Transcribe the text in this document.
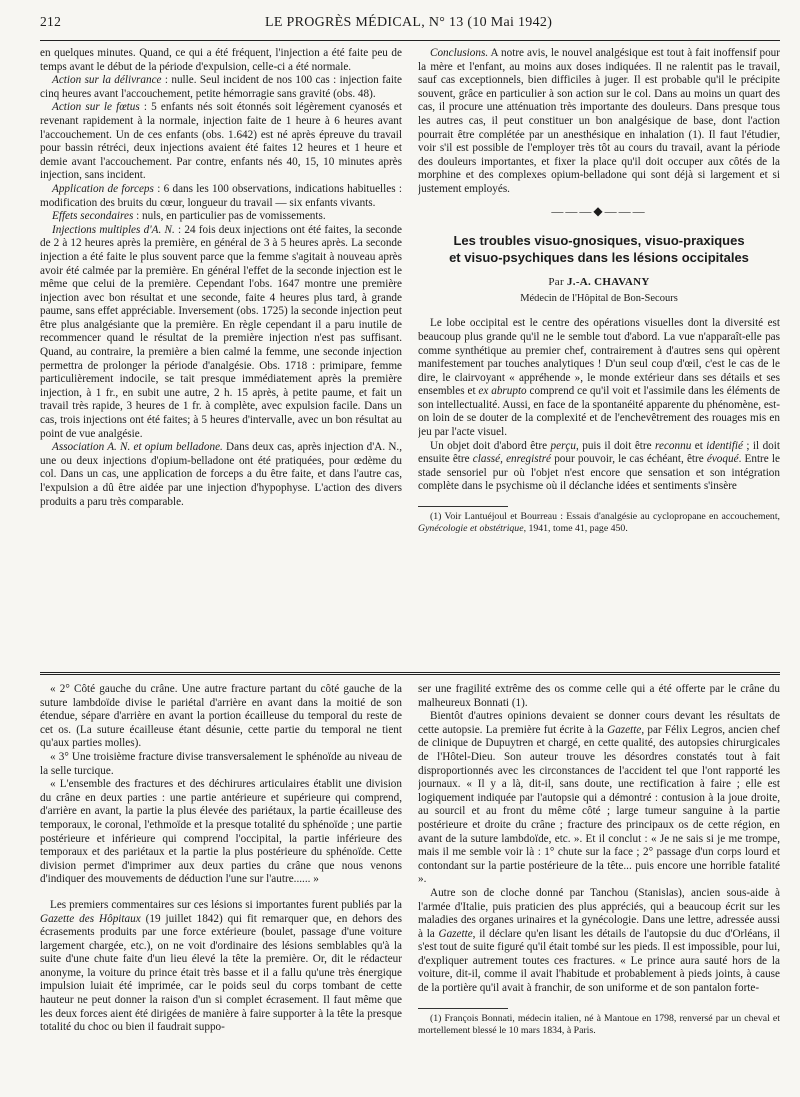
212	LE PROGRÈS MÉDICAL, N° 13 (10 Mai 1942)

en quelques minutes. Quand, ce qui a été fréquent, l'injection a été faite peu de temps avant le début de la période d'expulsion, celle-ci a été normale.

Action sur la délivrance : nulle. Seul incident de nos 100 cas : injection faite cinq heures avant l'accouchement, petite hémorragie sans gravité (obs. 48).

Action sur le fœtus : 5 enfants nés soit étonnés soit légèrement cyanosés et revenant rapidement à la normale, injection faite de 1 heure à 6 heures avant l'accouchement. Un de ces enfants (obs. 1.642) est né après épreuve du travail pour bassin rétréci, deux injections avaient été faites 12 heures et 1 heure et demie avant l'accouchement. Par contre, enfants nés 40, 15, 10 minutes après injection, sans incident.

Application de forceps : 6 dans les 100 observations, indications habituelles : modification des bruits du cœur, longueur du travail — six enfants vivants.

Effets secondaires : nuls, en particulier pas de vomissements.

Injections multiples d'A. N. : 24 fois deux injections ont été faites, la seconde de 2 à 12 heures après la première, en général de 3 à 5 heures après. La seconde injection a été faite le plus souvent parce que la femme s'agitait à nouveau après avoir été calmée par la première. En général l'effet de la seconde injection est le même que celui de la première. Cependant l'obs. 1647 montre une première injection avec bon résultat et une seconde, faite 4 heures plus tard, à grande paume, sans effet appréciable. Inversement (obs. 1725) la seconde injection peut être plus analgésiante que la première. En règle cependant il a paru inutile de recommencer quand le résultat de la première injection n'est pas suffisant. Quand, au contraire, la première a bien calmé la femme, une seconde injection permettra de prolonger la période d'analgésie. Obs. 1718 : primipare, femme particulièrement indocile, se tait presque immédiatement après la première injection, à 1 fr., en subit une autre, 2 h. 15 après, à petite paume, et fait un travail très rapide, 3 heures de 1 fr. à complète, avec expulsion facile. Dans un cas, trois injections ont été faites; à 5 heures d'intervalle, avec un bon résultat au point de vue analgésie.

Association A. N. et opium belladone. Dans deux cas, après injection d'A. N., une ou deux injections d'opium-belladone ont été pratiquées, pour œdème du col. Dans un cas, une application de forceps a du être faite, et dans l'autre cas, l'expulsion a dû être aidée par une injection d'hypophyse. L'action des divers produits a paru très comparable.

Conclusions. A notre avis, le nouvel analgésique est tout à fait inoffensif pour la mère et l'enfant, au moins aux doses indiquées. Il ne ralentit pas le travail, sauf cas exceptionnels, bien difficiles à juger. Il est probable qu'il le précipite souvent, grâce en particulier à son action sur le col. Dans au moins un quart des cas, il procure une atténuation très importante des douleurs. Dans presque tous les autres cas, il peut constituer un bon analgésique de base, dont l'action pourrait être complétée par un anesthésique en inhalation (1). Il faut l'étudier, voir s'il est possible de l'employer très tôt au cours du travail, avant la période des douleurs importantes, et fixer la place qu'il doit occuper aux côtés de la morphine et des complexes opium-belladone qui sont déjà si largement et si justement employés.

———◆———
Les troubles visuo-gnosiques, visuo-praxiques
et visuo-psychiques dans les lésions occipitales
Par J.-A. CHAVANY
Médecin de l'Hôpital de Bon-Secours

Le lobe occipital est le centre des opérations visuelles dont la diversité est beaucoup plus grande qu'il ne le semble tout d'abord. La vue n'apparaît-elle pas comme synthétique au premier chef, contrairement à d'autres sens qui opèrent manifestement par touches analytiques ! D'un seul coup d'œil, c'est le cas de le dire, le clairvoyant « appréhende », le monde extérieur dans ses détails et ses ensembles et ex abrupto comprend ce qu'il voit et l'assimile dans les éléments de son intellectualité. Aussi, en face de la spontanéité apparente du phénomène, est-on loin de se douter de la complexité et de l'enchevêtrement des rouages mis en jeu par l'acte visuel.

Un objet doit d'abord être perçu, puis il doit être reconnu et identifié ; il doit ensuite être classé, enregistré pour pouvoir, le cas échéant, être évoqué. Entre le stade sensoriel pur où l'objet n'est encore que sensation et son intégration complète dans le psychisme où il déclanche idées et sentiments s'insère

(1) Voir Lantuéjoul et Bourreau : Essais d'analgésie au cyclopropane en accouchement, Gynécologie et obstétrique, 1941, tome 41, page 450.

« 2° Côté gauche du crâne. Une autre fracture partant du côté gauche de la suture lambdoïde divise le pariétal d'arrière en avant dans la moitié de son étendue, sépare d'arrière en avant la portion écailleuse du temporal du reste de cet os. (La suture écailleuse étant désunie, cette partie du temporal ne tient qu'aux parties molles).

« 3° Une troisième fracture divise transversalement le sphénoïde au niveau de la selle turcique.

« L'ensemble des fractures et des déchirures articulaires établit une division du crâne en deux parties : une partie antérieure et supérieure qui comprend, d'arrière en avant, la partie la plus élevée des pariétaux, la partie écailleuse des temporaux, le coronal, l'ethmoïde et la presque totalité du sphénoïde ; une partie postérieure et inférieure qui comprend l'occipital, la partie inférieure des temporaux et des pariétaux et la partie la plus postérieure du sphénoïde. Cette division permet d'imprimer aux deux parties du crâne que nous venons d'indiquer des mouvements de déduction l'une sur l'autre...... »

Les premiers commentaires sur ces lésions si importantes furent publiés par la Gazette des Hôpitaux (19 juillet 1842) qui fit remarquer que, en dehors des écrasements produits par une force extérieure (boulet, passage d'une voiture largement chargée, etc.), on ne voit d'ordinaire des lésions semblables qu'à la suite d'une chute faite d'un lieu élevé la tête la première. Or, dit le rédacteur anonyme, la voiture du prince était très basse et il a fallu qu'une très énergique impulsion luiait été imprimée, car le poids seul du corps tombant de cette hauteur ne peut donner la raison d'un si complet écrasement. Il faut même que les deux forces aient été dirigées de manière à faire supporter à la tête la presque totalité du choc ou bien il faudrait suppo-

ser une fragilité extrême des os comme celle qui a été offerte par le crâne du malheureux Bonnati (1).

Bientôt d'autres opinions devaient se donner cours devant les résultats de cette autopsie. La première fut écrite à la Gazette, par Félix Legros, ancien chef de clinique de Dupuytren et chargé, en cette qualité, des autopsies chirurgicales de l'Hôtel-Dieu. Son auteur trouve les désordres constatés tout à fait disproportionnés avec les circonstances de l'accident tel que l'ont rapporté les journaux. « Il y a là, dit-il, sans doute, une rectification à faire ; elle est logiquement indiquée par l'autopsie qui a démontré : contusion à la joue droite, au sourcil et au front du même côté ; large tumeur sanguine à la partie postérieure et droite du crâne ; fracture des principaux os de cette région, en avant de la suture lambdoïde, etc. ». Et il conclut : « Je ne sais si je me trompe, mais il me semble voir là : 1° chute sur la face ; 2° passage d'un corps lourd et contondant sur la partie postérieure de la tête... puis encore une horrible fatalité ».

Autre son de cloche donné par Tanchou (Stanislas), ancien sous-aide à l'armée d'Italie, puis praticien des plus appréciés, qui a beaucoup écrit sur les maladies des organes urinaires et la gynécologie. Dans une lettre, adressée aussi à la Gazette, il déclare qu'en lisant les détails de l'autopsie du duc d'Orléans, il s'est tout de suite figuré qu'il était tombé sur les pieds. Il est impossible, pour lui, d'expliquer autrement toutes ces fractures. « Le prince aura sauté hors de la voiture, dit-il, comme il avait l'habitude et probablement à pieds joints, à cause de la portière qu'il avait à franchir, de son uniforme et de son pantalon forte-

(1) François Bonnati, médecin italien, né à Mantoue en 1798, renversé par un cheval et mortellement blessé le 10 mars 1834, à Paris.
